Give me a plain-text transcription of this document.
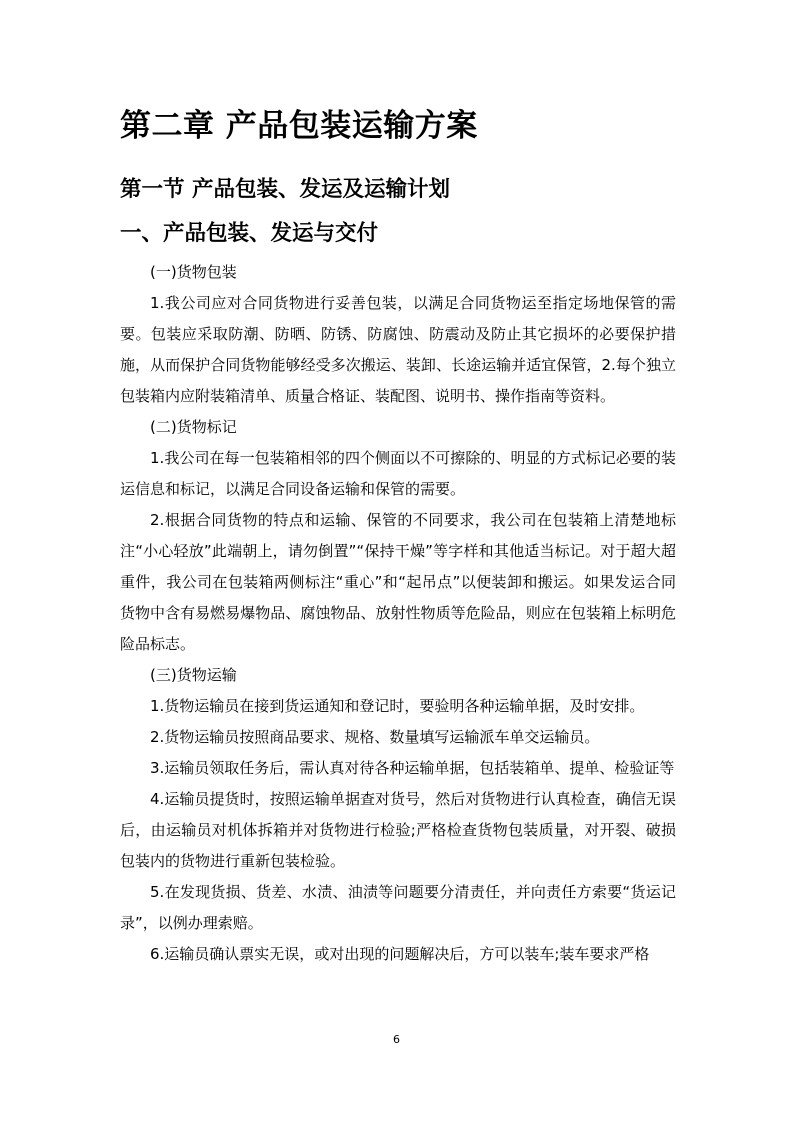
第二章 产品包装运输方案
第一节 产品包装、发运及运输计划
一、产品包装、发运与交付

(一)货物包装

1.我公司应对合同货物进行妥善包装，以满足合同货物运至指定场地保管的需要。包装应采取防潮、防晒、防锈、防腐蚀、防震动及防止其它损坏的必要保护措施，从而保护合同货物能够经受多次搬运、装卸、长途运输并适宜保管，2.每个独立包装箱内应附装箱清单、质量合格证、装配图、说明书、操作指南等资料。

(二)货物标记

1.我公司在每一包装箱相邻的四个侧面以不可擦除的、明显的方式标记必要的装运信息和标记，以满足合同设备运输和保管的需要。

2.根据合同货物的特点和运输、保管的不同要求，我公司在包装箱上清楚地标注“小心轻放”此端朝上，请勿倒置”“保持干燥”等字样和其他适当标记。对于超大超重件，我公司在包装箱两侧标注“重心”和“起吊点”以便装卸和搬运。如果发运合同货物中含有易燃易爆物品、腐蚀物品、放射性物质等危险品，则应在包装箱上标明危险品标志。

(三)货物运输

1.货物运输员在接到货运通知和登记时，要验明各种运输单据，及时安排。

2.货物运输员按照商品要求、规格、数量填写运输派车单交运输员。

3.运输员领取任务后，需认真对待各种运输单据，包括装箱单、提单、检验证等

4.运输员提货时，按照运输单据查对货号，然后对货物进行认真检查，确信无误后，由运输员对机体拆箱并对货物进行检验;严格检查货物包装质量，对开裂、破损包装内的货物进行重新包装检验。

5.在发现货损、货差、水渍、油渍等问题要分清责任，并向责任方索要“货运记录”，以例办理索赔。

6.运输员确认票实无误，或对出现的问题解决后，方可以装车;装车要求严格

6
